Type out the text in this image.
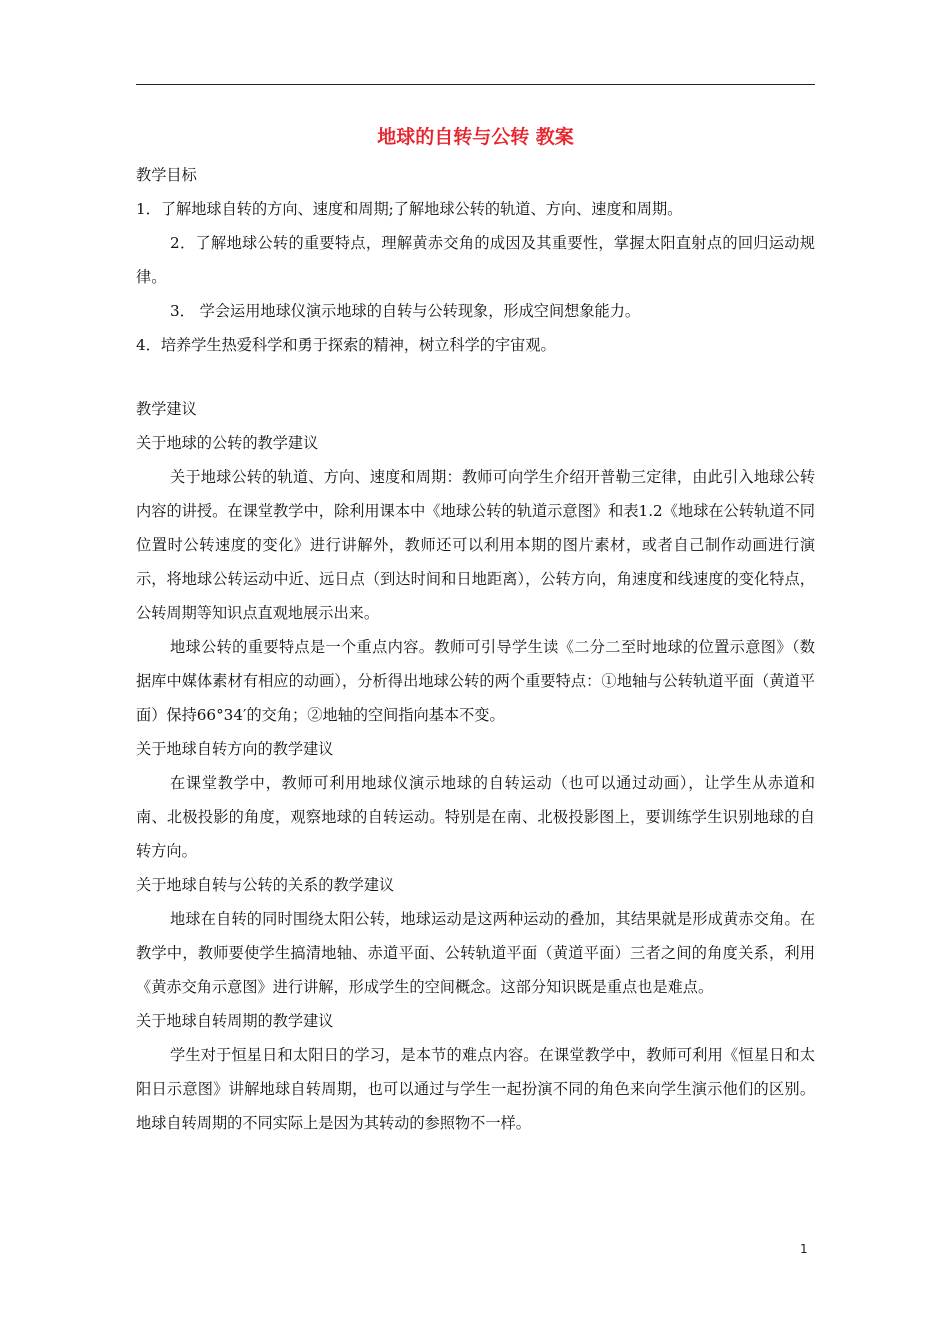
地球的自转与公转 教案

教学目标

1．了解地球自转的方向、速度和周期;了解地球公转的轨道、方向、速度和周期。

2．了解地球公转的重要特点，理解黄赤交角的成因及其重要性，掌握太阳直射点的回归运动规律。

3． 学会运用地球仪演示地球的自转与公转现象，形成空间想象能力。

4．培养学生热爱科学和勇于探索的精神，树立科学的宇宙观。

教学建议

关于地球的公转的教学建议

关于地球公转的轨道、方向、速度和周期：教师可向学生介绍开普勒三定律，由此引入地球公转内容的讲授。在课堂教学中，除利用课本中《地球公转的轨道示意图》和表1.2《地球在公转轨道不同位置时公转速度的变化》进行讲解外，教师还可以利用本期的图片素材，或者自己制作动画进行演示，将地球公转运动中近、远日点（到达时间和日地距离），公转方向，角速度和线速度的变化特点，公转周期等知识点直观地展示出来。

地球公转的重要特点是一个重点内容。教师可引导学生读《二分二至时地球的位置示意图》（数据库中媒体素材有相应的动画），分析得出地球公转的两个重要特点：①地轴与公转轨道平面（黄道平面）保持66°34′的交角；②地轴的空间指向基本不变。

关于地球自转方向的教学建议

在课堂教学中，教师可利用地球仪演示地球的自转运动（也可以通过动画），让学生从赤道和南、北极投影的角度，观察地球的自转运动。特别是在南、北极投影图上，要训练学生识别地球的自转方向。

关于地球自转与公转的关系的教学建议

地球在自转的同时围绕太阳公转，地球运动是这两种运动的叠加，其结果就是形成黄赤交角。在教学中，教师要使学生搞清地轴、赤道平面、公转轨道平面（黄道平面）三者之间的角度关系，利用《黄赤交角示意图》进行讲解，形成学生的空间概念。这部分知识既是重点也是难点。

关于地球自转周期的教学建议

学生对于恒星日和太阳日的学习，是本节的难点内容。在课堂教学中，教师可利用《恒星日和太阳日示意图》讲解地球自转周期，也可以通过与学生一起扮演不同的角色来向学生演示他们的区别。地球自转周期的不同实际上是因为其转动的参照物不一样。

1
